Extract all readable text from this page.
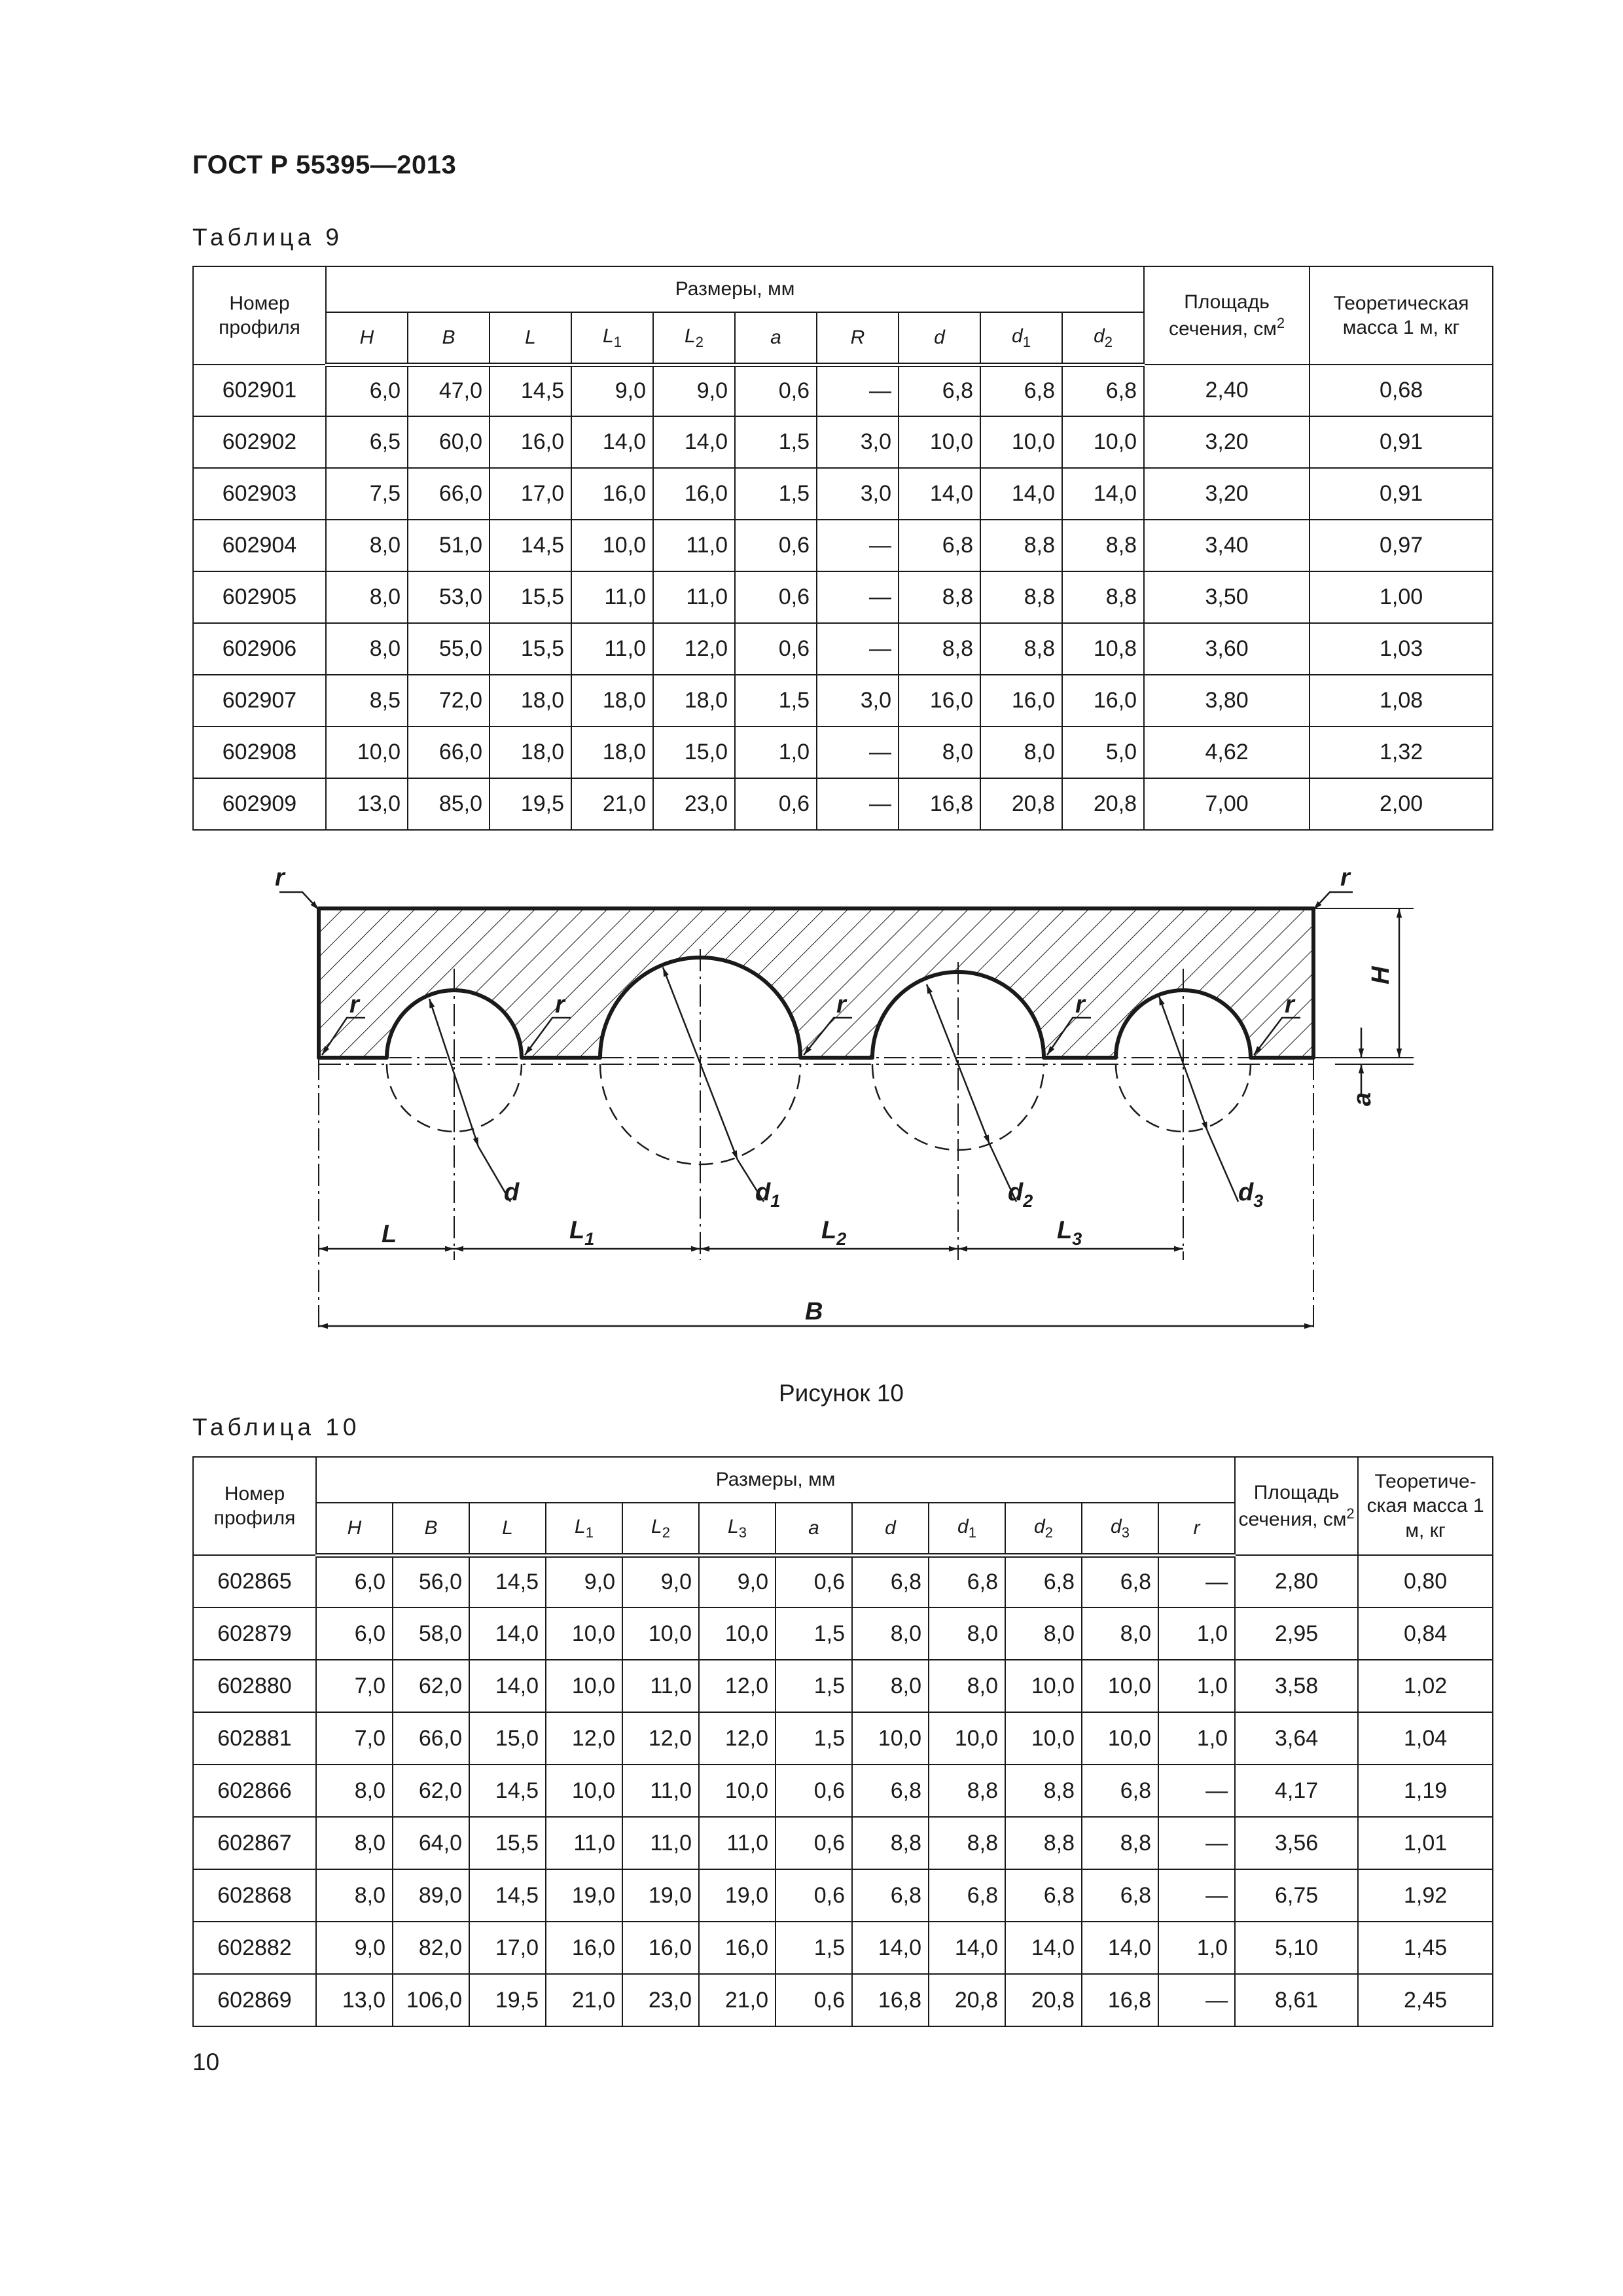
ГОСТ Р 55395—2013
Таблица 9
Номер профиля	Размеры, мм										Площадь сечения, $см^2$	Теоретическая масса 1 м, кг
	H	B	L	$L_1$	$L_2$	a	R	d	$d_1$	$d_2$
602901	6,0	47,0	14,5	9,0	9,0	0,6	—	6,8	6,8	6,8	2,40	0,68
602902	6,5	60,0	16,0	14,0	14,0	1,5	3,0	10,0	10,0	10,0	3,20	0,91
602903	7,5	66,0	17,0	16,0	16,0	1,5	3,0	14,0	14,0	14,0	3,20	0,91
602904	8,0	51,0	14,5	10,0	11,0	0,6	—	6,8	8,8	8,8	3,40	0,97
602905	8,0	53,0	15,5	11,0	11,0	0,6	—	8,8	8,8	8,8	3,50	1,00
602906	8,0	55,0	15,5	11,0	12,0	0,6	—	8,8	8,8	10,8	3,60	1,03
602907	8,5	72,0	18,0	18,0	18,0	1,5	3,0	16,0	16,0	16,0	3,80	1,08
602908	10,0	66,0	18,0	18,0	15,0	1,0	—	8,0	8,0	5,0	4,62	1,32
602909	13,0	85,0	19,5	21,0	23,0	0,6	—	16,8	20,8	20,8	7,00	2,00
r	r
r	r	r	r	r
H
a
d	$d_1$	$d_2$	$d_3$
L	$L_1$	$L_2$	$L_3$
B
Рисунок 10
Таблица 10
Номер профиля	Размеры, мм												Площадь сечения, $см^2$	Теоретиче-ская масса 1 м, кг
	H	B	L	$L_1$	$L_2$	$L_3$	a	d	$d_1$	$d_2$	$d_3$	r		
602865	6,0	56,0	14,5	9,0	9,0	9,0	0,6	6,8	6,8	6,8	6,8	—	2,80	0,80
602879	6,0	58,0	14,0	10,0	10,0	10,0	1,5	8,0	8,0	8,0	8,0	1,0	2,95	0,84
602880	7,0	62,0	14,0	10,0	11,0	12,0	1,5	8,0	8,0	10,0	10,0	1,0	3,58	1,02
602881	7,0	66,0	15,0	12,0	12,0	12,0	1,5	10,0	10,0	10,0	10,0	1,0	3,64	1,04
602866	8,0	62,0	14,5	10,0	11,0	10,0	0,6	6,8	8,8	8,8	6,8	—	4,17	1,19
602867	8,0	64,0	15,5	11,0	11,0	11,0	0,6	8,8	8,8	8,8	8,8	—	3,56	1,01
602868	8,0	89,0	14,5	19,0	19,0	19,0	0,6	6,8	6,8	6,8	6,8	—	6,75	1,92
602882	9,0	82,0	17,0	16,0	16,0	16,0	1,5	14,0	14,0	14,0	14,0	1,0	5,10	1,45
602869	13,0	106,0	19,5	21,0	23,0	21,0	0,6	16,8	20,8	20,8	16,8	—	8,61	2,45
10
